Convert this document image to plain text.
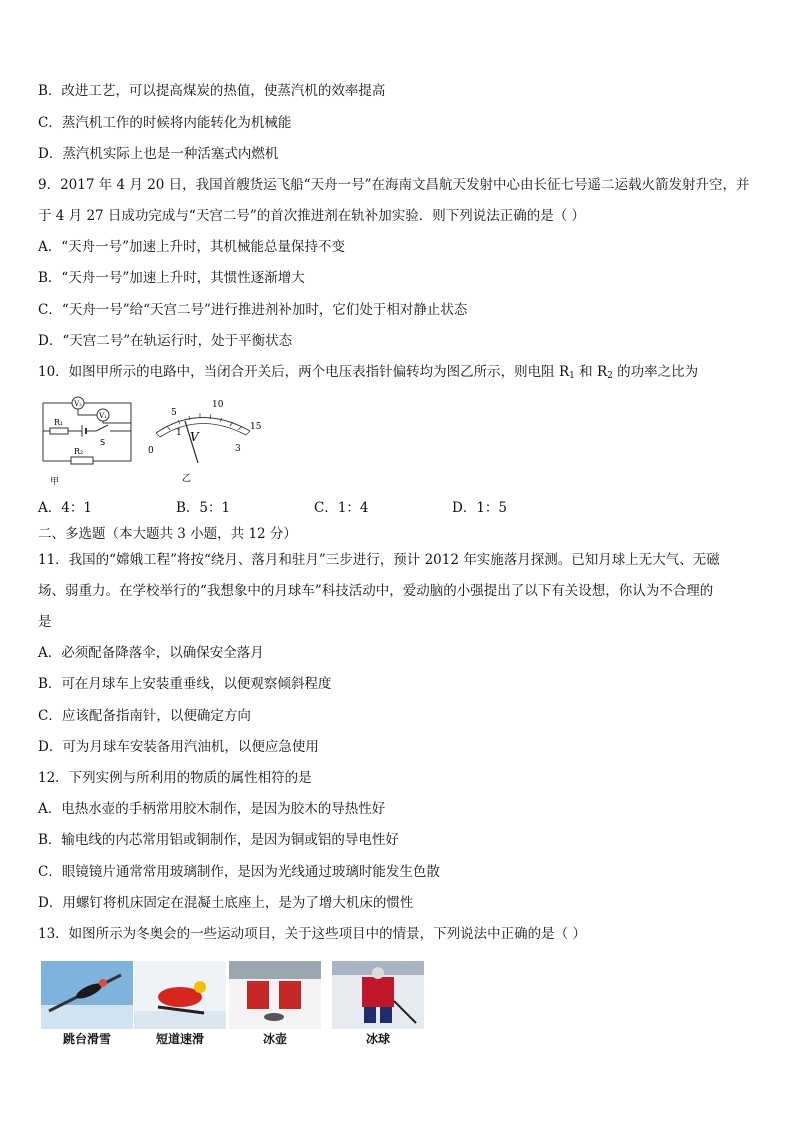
B．改进工艺，可以提高煤炭的热值，使蒸汽机的效率提高
C．蒸汽机工作的时候将内能转化为机械能
D．蒸汽机实际上也是一种活塞式内燃机
9．2017 年 4 月 20 日，我国首艘货运飞船“天舟一号”在海南文昌航天发射中心由长征七号遥二运载火箭发射升空，并
于 4 月 27 日成功完成与“天宫二号”的首次推进剂在轨补加实验．则下列说法正确的是（ ）
A．“天舟一号”加速上升时，其机械能总量保持不变
B．“天舟一号”加速上升时，其惯性逐渐增大
C．“天舟一号”给“天宫二号”进行推进剂补加时，它们处于相对静止状态
D．“天宫二号”在轨运行时，处于平衡状态
10．如图甲所示的电路中，当闭合开关后，两个电压表指针偏转均为图乙所示，则电阻 $R_1$ 和 $R_2$ 的功率之比为
V₂
V₁
R₁
S
R₂
甲
5
10
15
0
1
3
V
乙
A．4：1	B．5：1	C．1：4	D．1：5
二、多选题（本大题共 3 小题，共 12 分）
11．我国的“嫦娥工程”将按“绕月、落月和驻月”三步进行，预计 2012 年实施落月探测。已知月球上无大气、无磁
场、弱重力。在学校举行的“我想象中的月球车”科技活动中，爱动脑的小强提出了以下有关设想，你认为不合理的
是
A．必须配备降落伞，以确保安全落月
B．可在月球车上安装重垂线，以便观察倾斜程度
C．应该配备指南针，以便确定方向
D．可为月球车安装备用汽油机，以便应急使用
12．下列实例与所利用的物质的属性相符的是
A．电热水壶的手柄常用胶木制作，是因为胶木的导热性好
B．输电线的内芯常用铝或铜制作，是因为铜或铝的导电性好
C．眼镜镜片通常常用玻璃制作，是因为光线通过玻璃时能发生色散
D．用螺钉将机床固定在混凝土底座上，是为了增大机床的惯性
13．如图所示为冬奥会的一些运动项目，关于这些项目中的情景，下列说法中正确的是（ ）
跳台滑雪	短道速滑	冰壶	冰球
